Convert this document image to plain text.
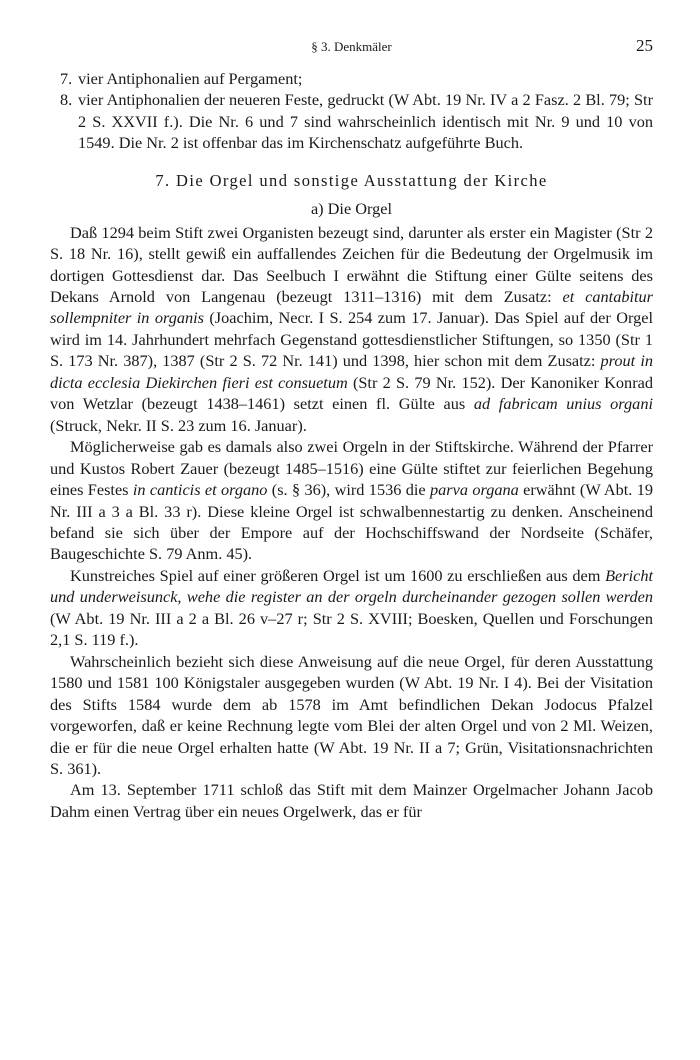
§ 3. Denkmäler	25
7. vier Antiphonalien auf Pergament;
8. vier Antiphonalien der neueren Feste, gedruckt (W Abt. 19 Nr. IV a 2 Fasz. 2 Bl. 79; Str 2 S. XXVII f.). Die Nr. 6 und 7 sind wahrscheinlich identisch mit Nr. 9 und 10 von 1549. Die Nr. 2 ist offenbar das im Kirchenschatz aufgeführte Buch.
7. Die Orgel und sonstige Ausstattung der Kirche
a) Die Orgel

Daß 1294 beim Stift zwei Organisten bezeugt sind, darunter als erster ein Magister (Str 2 S. 18 Nr. 16), stellt gewiß ein auffallendes Zeichen für die Bedeutung der Orgelmusik im dortigen Gottesdienst dar. Das Seelbuch I erwähnt die Stiftung einer Gülte seitens des Dekans Arnold von Langenau (bezeugt 1311–1316) mit dem Zusatz: et cantabitur sollempniter in organis (Joachim, Necr. I S. 254 zum 17. Januar). Das Spiel auf der Orgel wird im 14. Jahrhundert mehrfach Gegenstand gottesdienstlicher Stiftungen, so 1350 (Str 1 S. 173 Nr. 387), 1387 (Str 2 S. 72 Nr. 141) und 1398, hier schon mit dem Zusatz: prout in dicta ecclesia Diekirchen fieri est consuetum (Str 2 S. 79 Nr. 152). Der Kanoniker Konrad von Wetzlar (bezeugt 1438–1461) setzt einen fl. Gülte aus ad fabricam unius organi (Struck, Nekr. II S. 23 zum 16. Januar).

Möglicherweise gab es damals also zwei Orgeln in der Stiftskirche. Während der Pfarrer und Kustos Robert Zauer (bezeugt 1485–1516) eine Gülte stiftet zur feierlichen Begehung eines Festes in canticis et organo (s. § 36), wird 1536 die parva organa erwähnt (W Abt. 19 Nr. III a 3 a Bl. 33 r). Diese kleine Orgel ist schwalbennestartig zu denken. Anscheinend befand sie sich über der Empore auf der Hochschiffswand der Nordseite (Schäfer, Baugeschichte S. 79 Anm. 45).

Kunstreiches Spiel auf einer größeren Orgel ist um 1600 zu erschließen aus dem Bericht und underweisunck, wehe die register an der orgeln durcheinander gezogen sollen werden (W Abt. 19 Nr. III a 2 a Bl. 26 v–27 r; Str 2 S. XVIII; Boesken, Quellen und Forschungen 2,1 S. 119 f.).

Wahrscheinlich bezieht sich diese Anweisung auf die neue Orgel, für deren Ausstattung 1580 und 1581 100 Königstaler ausgegeben wurden (W Abt. 19 Nr. I 4). Bei der Visitation des Stifts 1584 wurde dem ab 1578 im Amt befindlichen Dekan Jodocus Pfalzel vorgeworfen, daß er keine Rechnung legte vom Blei der alten Orgel und von 2 Ml. Weizen, die er für die neue Orgel erhalten hatte (W Abt. 19 Nr. II a 7; Grün, Visitationsnachrichten S. 361).

Am 13. September 1711 schloß das Stift mit dem Mainzer Orgelmacher Johann Jacob Dahm einen Vertrag über ein neues Orgelwerk, das er für
